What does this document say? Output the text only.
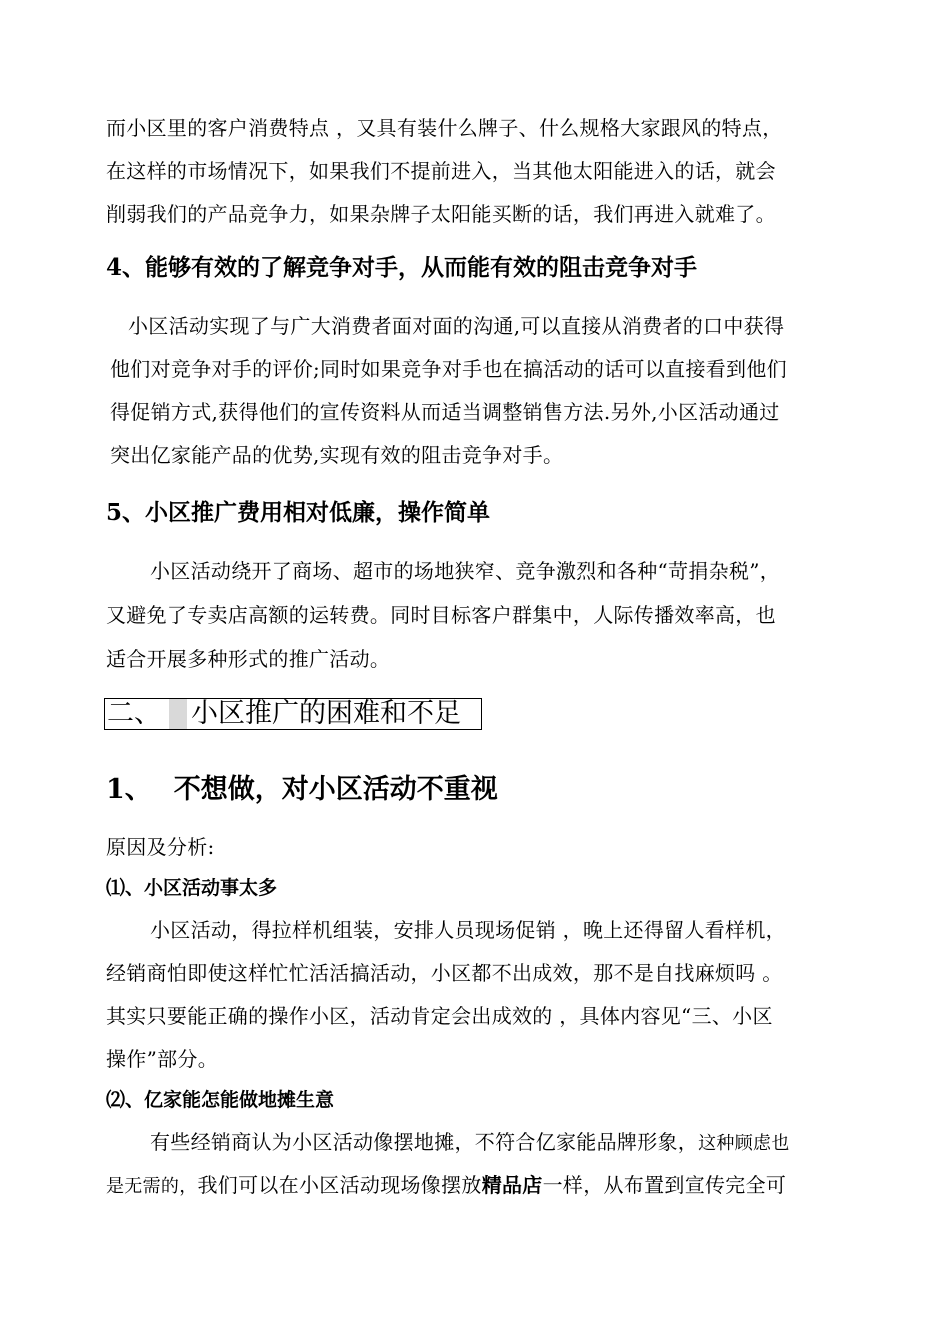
而小区里的客户消费特点 ，又具有装什么牌子、什么规格大家跟风的特点，
在这样的市场情况下，如果我们不提前进入，当其他太阳能进入的话，就会
削弱我们的产品竞争力，如果杂牌子太阳能买断的话，我们再进入就难了。
4、能够有效的了解竞争对手，从而能有效的阻击竞争对手
小区活动实现了与广大消费者面对面的沟通,可以直接从消费者的口中获得
他们对竞争对手的评价;同时如果竞争对手也在搞活动的话可以直接看到他们
得促销方式,获得他们的宣传资料从而适当调整销售方法.另外,小区活动通过
突出亿家能产品的优势,实现有效的阻击竞争对手。
5、小区推广费用相对低廉，操作简单
小区活动绕开了商场、超市的场地狭窄、竞争激烈和各种“苛捐杂税”，
又避免了专卖店高额的运转费。同时目标客户群集中，人际传播效率高，也
适合开展多种形式的推广活动。
二、 小区推广的困难和不足
1、 不想做，对小区活动不重视
原因及分析:
⑴、小区活动事太多
小区活动，得拉样机组装，安排人员现场促销 ，晚上还得留人看样机，
经销商怕即使这样忙忙活活搞活动，小区都不出成效，那不是自找麻烦吗 。
其实只要能正确的操作小区，活动肯定会出成效的 ，具体内容见“三、小区
操作”部分。
⑵、亿家能怎能做地摊生意
有些经销商认为小区活动像摆地摊，不符合亿家能品牌形象，这种顾虑也
是无需的，我们可以在小区活动现场像摆放精品店一样，从布置到宣传完全可
